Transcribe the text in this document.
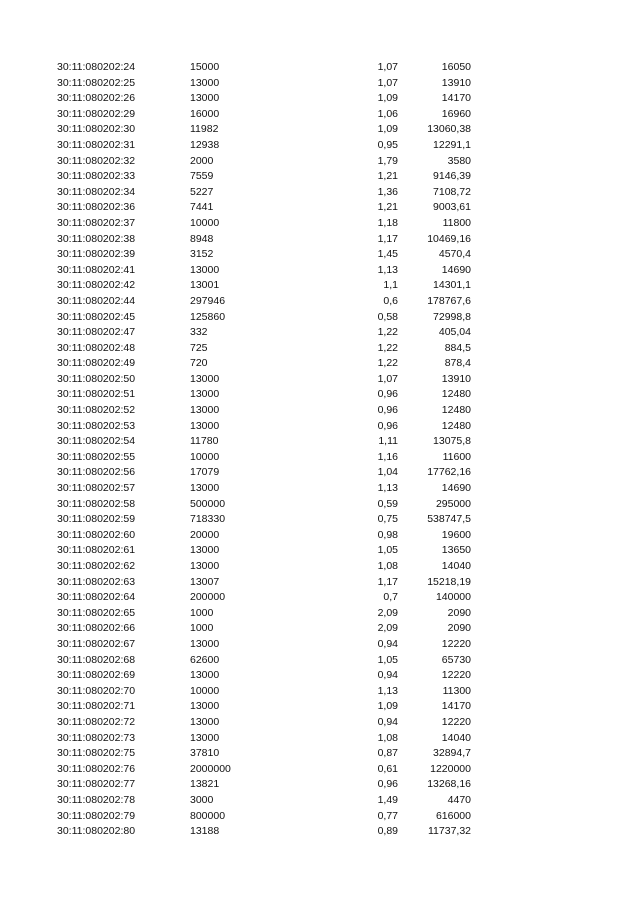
30:11:080202:24	15000	1,07	16050
30:11:080202:25	13000	1,07	13910
30:11:080202:26	13000	1,09	14170
30:11:080202:29	16000	1,06	16960
30:11:080202:30	11982	1,09	13060,38
30:11:080202:31	12938	0,95	12291,1
30:11:080202:32	2000	1,79	3580
30:11:080202:33	7559	1,21	9146,39
30:11:080202:34	5227	1,36	7108,72
30:11:080202:36	7441	1,21	9003,61
30:11:080202:37	10000	1,18	11800
30:11:080202:38	8948	1,17	10469,16
30:11:080202:39	3152	1,45	4570,4
30:11:080202:41	13000	1,13	14690
30:11:080202:42	13001	1,1	14301,1
30:11:080202:44	297946	0,6	178767,6
30:11:080202:45	125860	0,58	72998,8
30:11:080202:47	332	1,22	405,04
30:11:080202:48	725	1,22	884,5
30:11:080202:49	720	1,22	878,4
30:11:080202:50	13000	1,07	13910
30:11:080202:51	13000	0,96	12480
30:11:080202:52	13000	0,96	12480
30:11:080202:53	13000	0,96	12480
30:11:080202:54	11780	1,11	13075,8
30:11:080202:55	10000	1,16	11600
30:11:080202:56	17079	1,04	17762,16
30:11:080202:57	13000	1,13	14690
30:11:080202:58	500000	0,59	295000
30:11:080202:59	718330	0,75	538747,5
30:11:080202:60	20000	0,98	19600
30:11:080202:61	13000	1,05	13650
30:11:080202:62	13000	1,08	14040
30:11:080202:63	13007	1,17	15218,19
30:11:080202:64	200000	0,7	140000
30:11:080202:65	1000	2,09	2090
30:11:080202:66	1000	2,09	2090
30:11:080202:67	13000	0,94	12220
30:11:080202:68	62600	1,05	65730
30:11:080202:69	13000	0,94	12220
30:11:080202:70	10000	1,13	11300
30:11:080202:71	13000	1,09	14170
30:11:080202:72	13000	0,94	12220
30:11:080202:73	13000	1,08	14040
30:11:080202:75	37810	0,87	32894,7
30:11:080202:76	2000000	0,61	1220000
30:11:080202:77	13821	0,96	13268,16
30:11:080202:78	3000	1,49	4470
30:11:080202:79	800000	0,77	616000
30:11:080202:80	13188	0,89	11737,32
